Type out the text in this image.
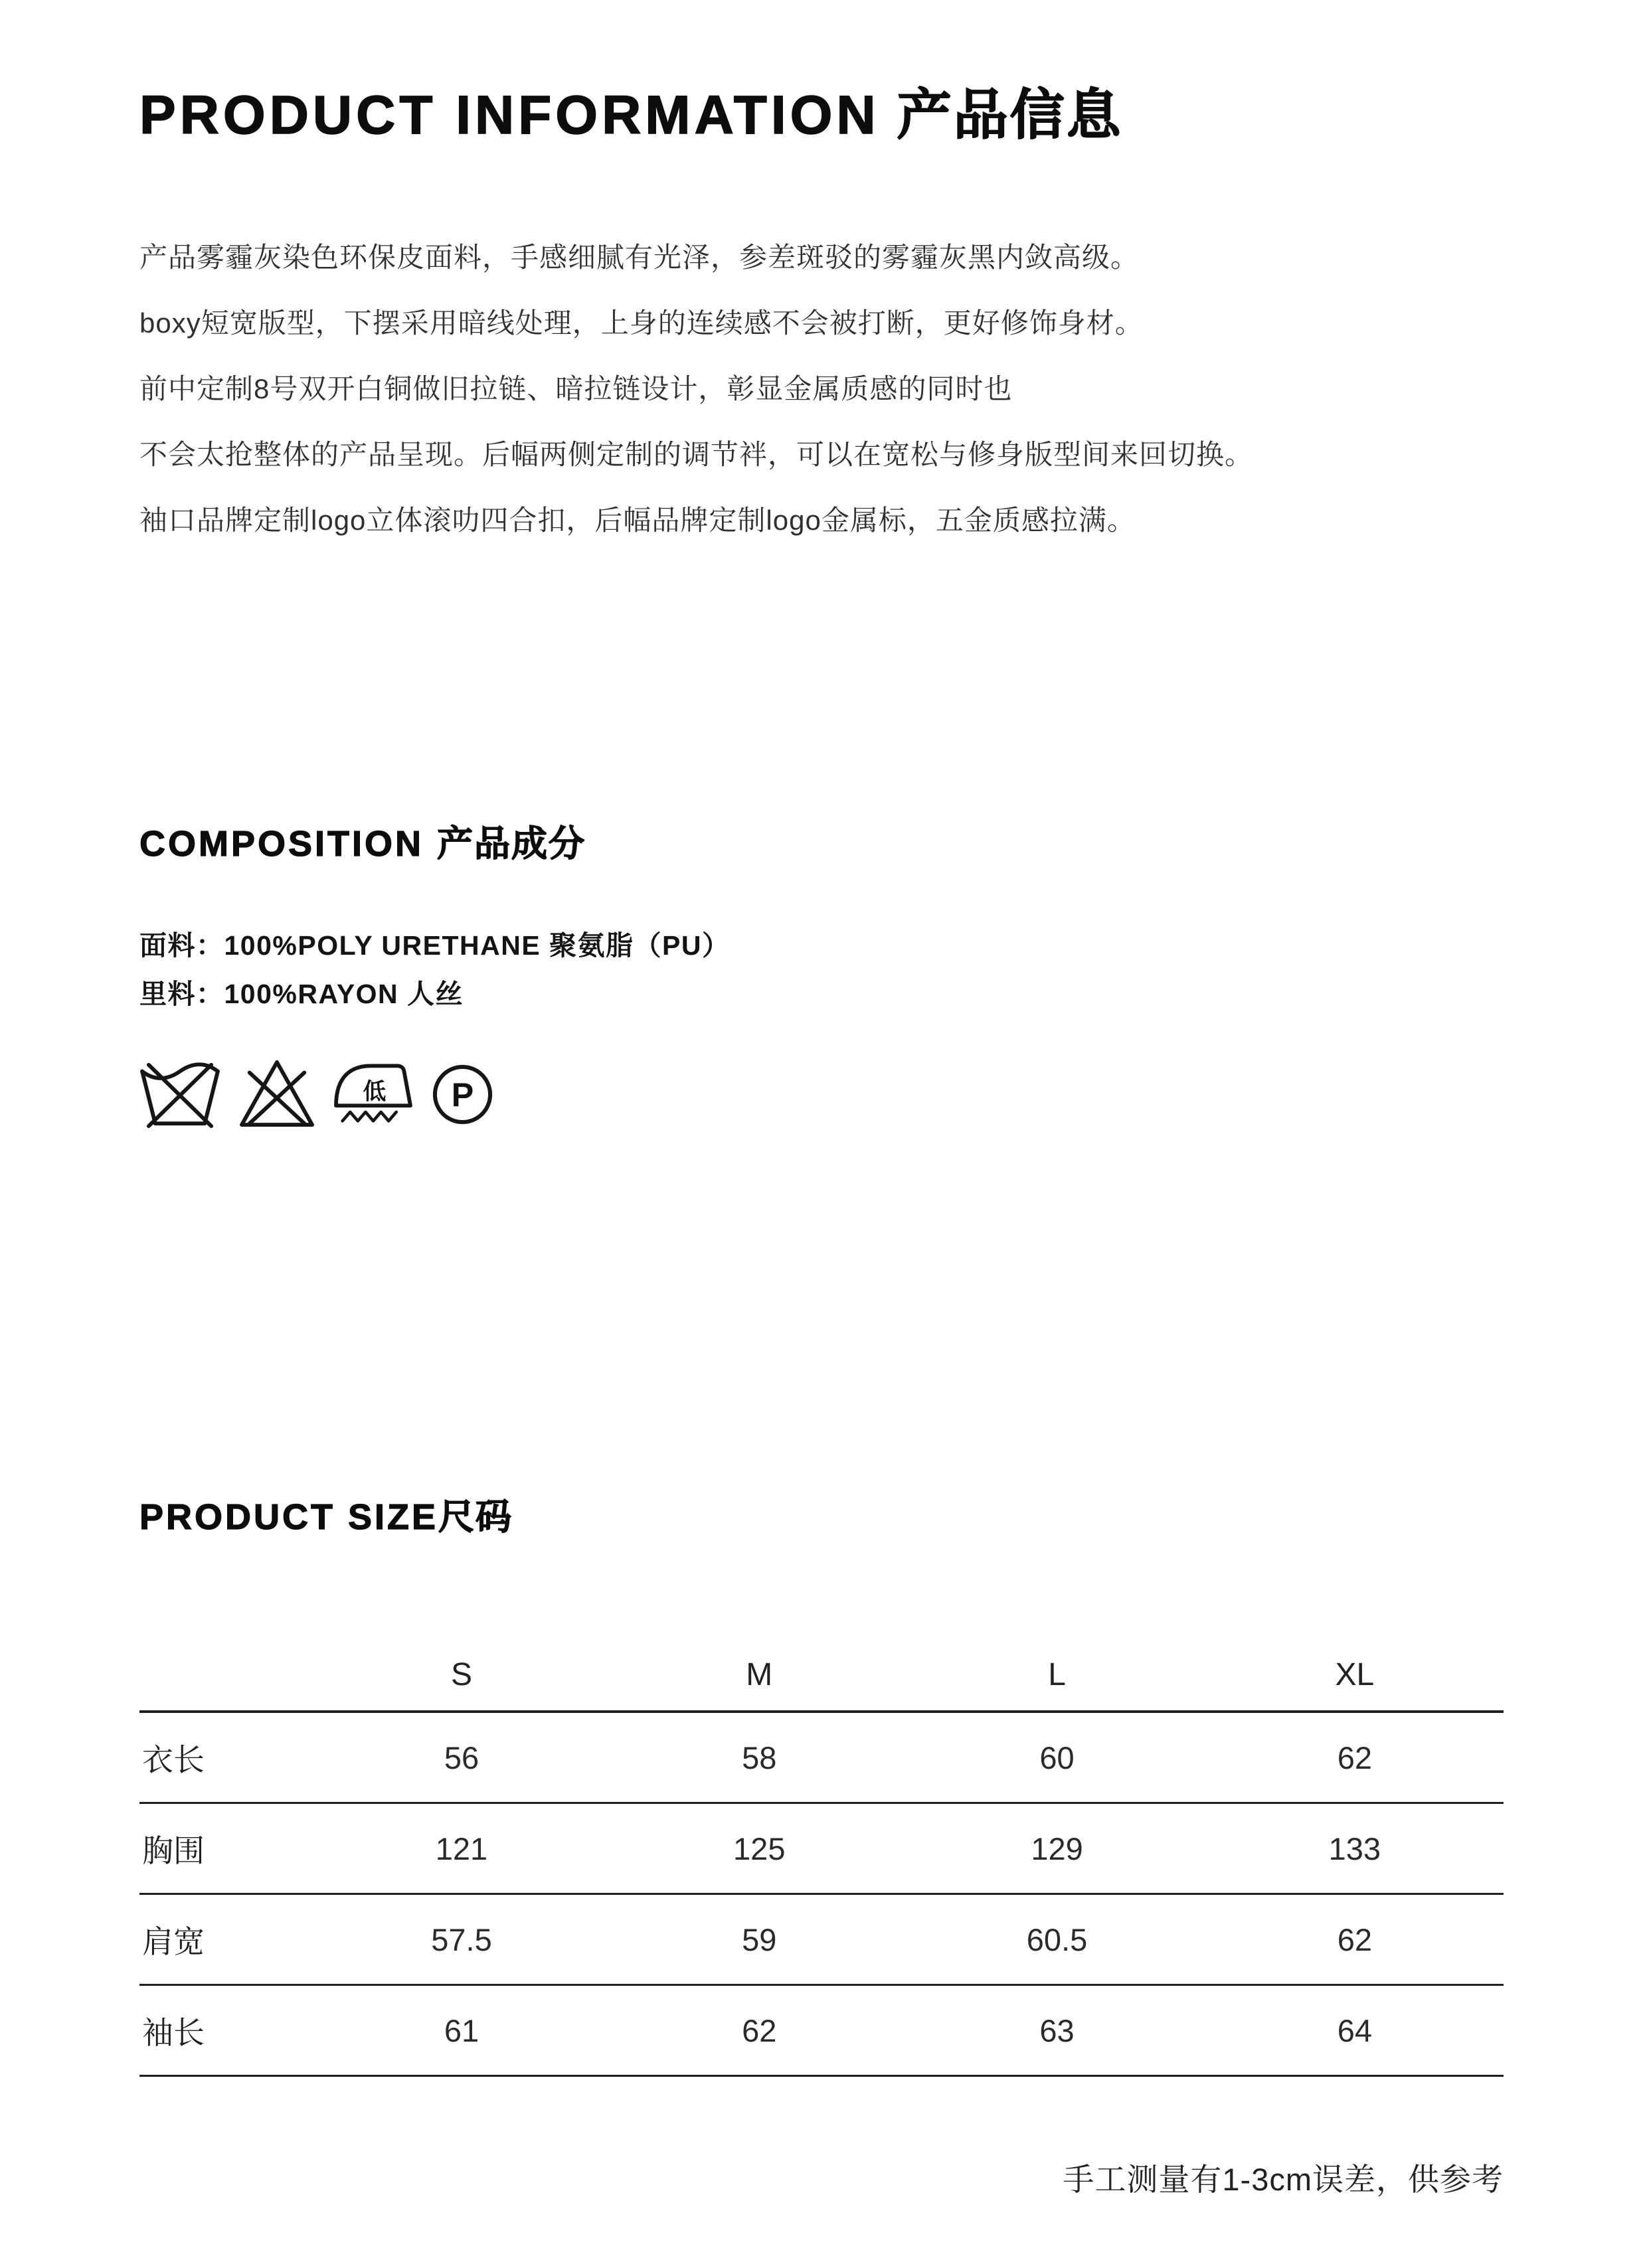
PRODUCT INFORMATION 产品信息

产品雾霾灰染色环保皮面料，手感细腻有光泽，参差斑驳的雾霾灰黑内敛高级。

boxy短宽版型，下摆采用暗线处理，上身的连续感不会被打断，更好修饰身材。

前中定制8号双开白铜做旧拉链、暗拉链设计，彰显金属质感的同时也

不会太抢整体的产品呈现。后幅两侧定制的调节袢，可以在宽松与修身版型间来回切换。

袖口品牌定制logo立体滚叻四合扣，后幅品牌定制logo金属标，五金质感拉满。

COMPOSITION 产品成分

面料：100%POLY URETHANE 聚氨脂（PU）

里料：100%RAYON 人丝

低	P
PRODUCT SIZE尺码
	S	M	L	XL
衣长	56	58	60	62
胸围	121	125	129	133
肩宽	57.5	59	60.5	62
袖长	61	62	63	64

手工测量有1-3cm误差，供参考
